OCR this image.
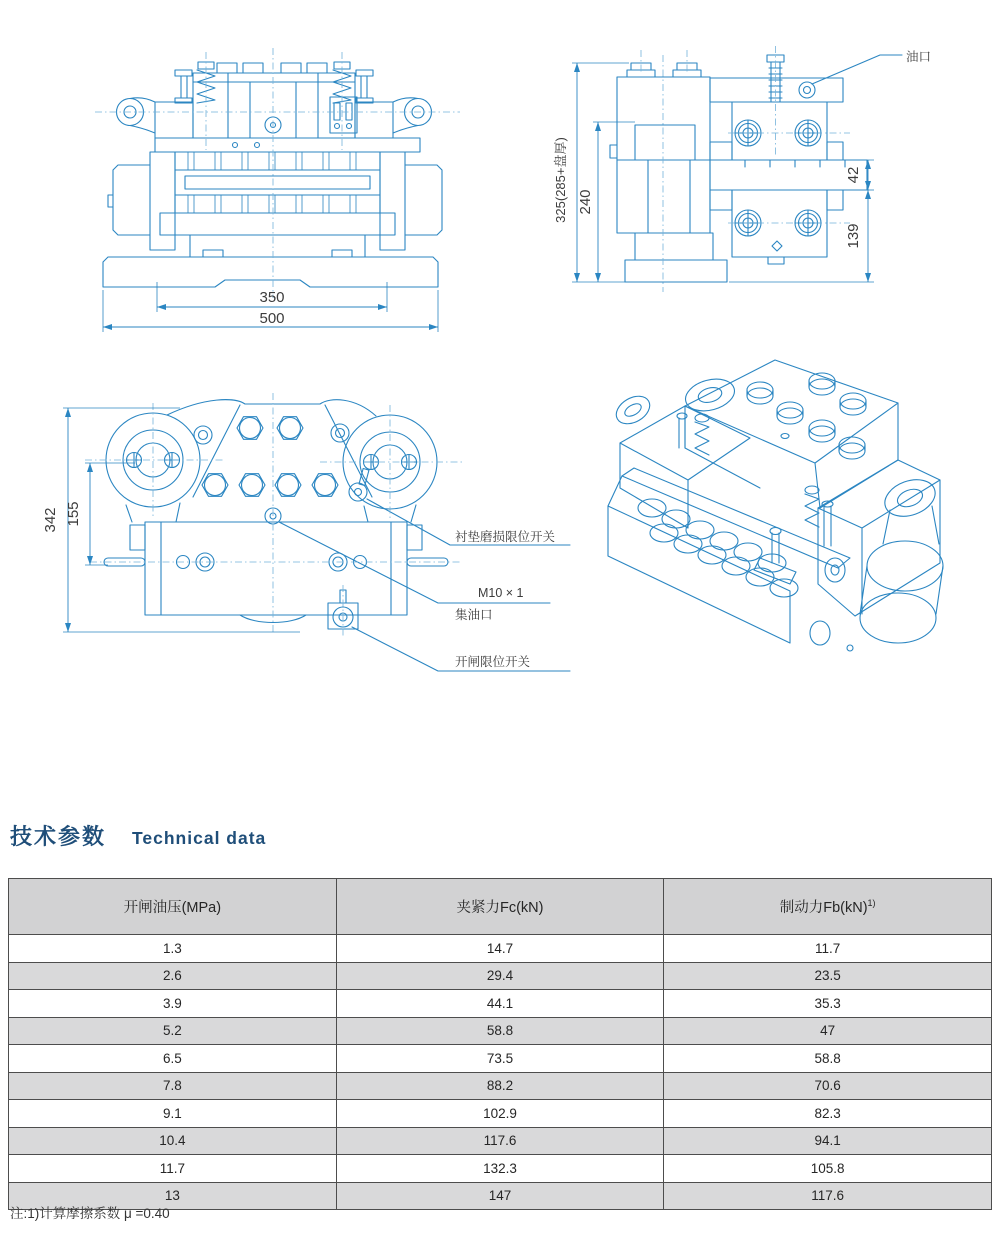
350
500
325(285+盘厚) 240
42
139
油口
342 155
衬垫磨损限位开关
M10 × 1
集油口
开闸限位开关
技术参数 Technical data
开闸油压(MPa)	夹紧力Fc(kN)	制动力Fb(kN)$^{1)}$
1.3	14.7	11.7
2.6	29.4	23.5
3.9	44.1	35.3
5.2	58.8	47
6.5	73.5	58.8
7.8	88.2	70.6
9.1	102.9	82.3
10.4	117.6	94.1
11.7	132.3	105.8
13	147	117.6
注:1)计算摩擦系数 μ =0.40
